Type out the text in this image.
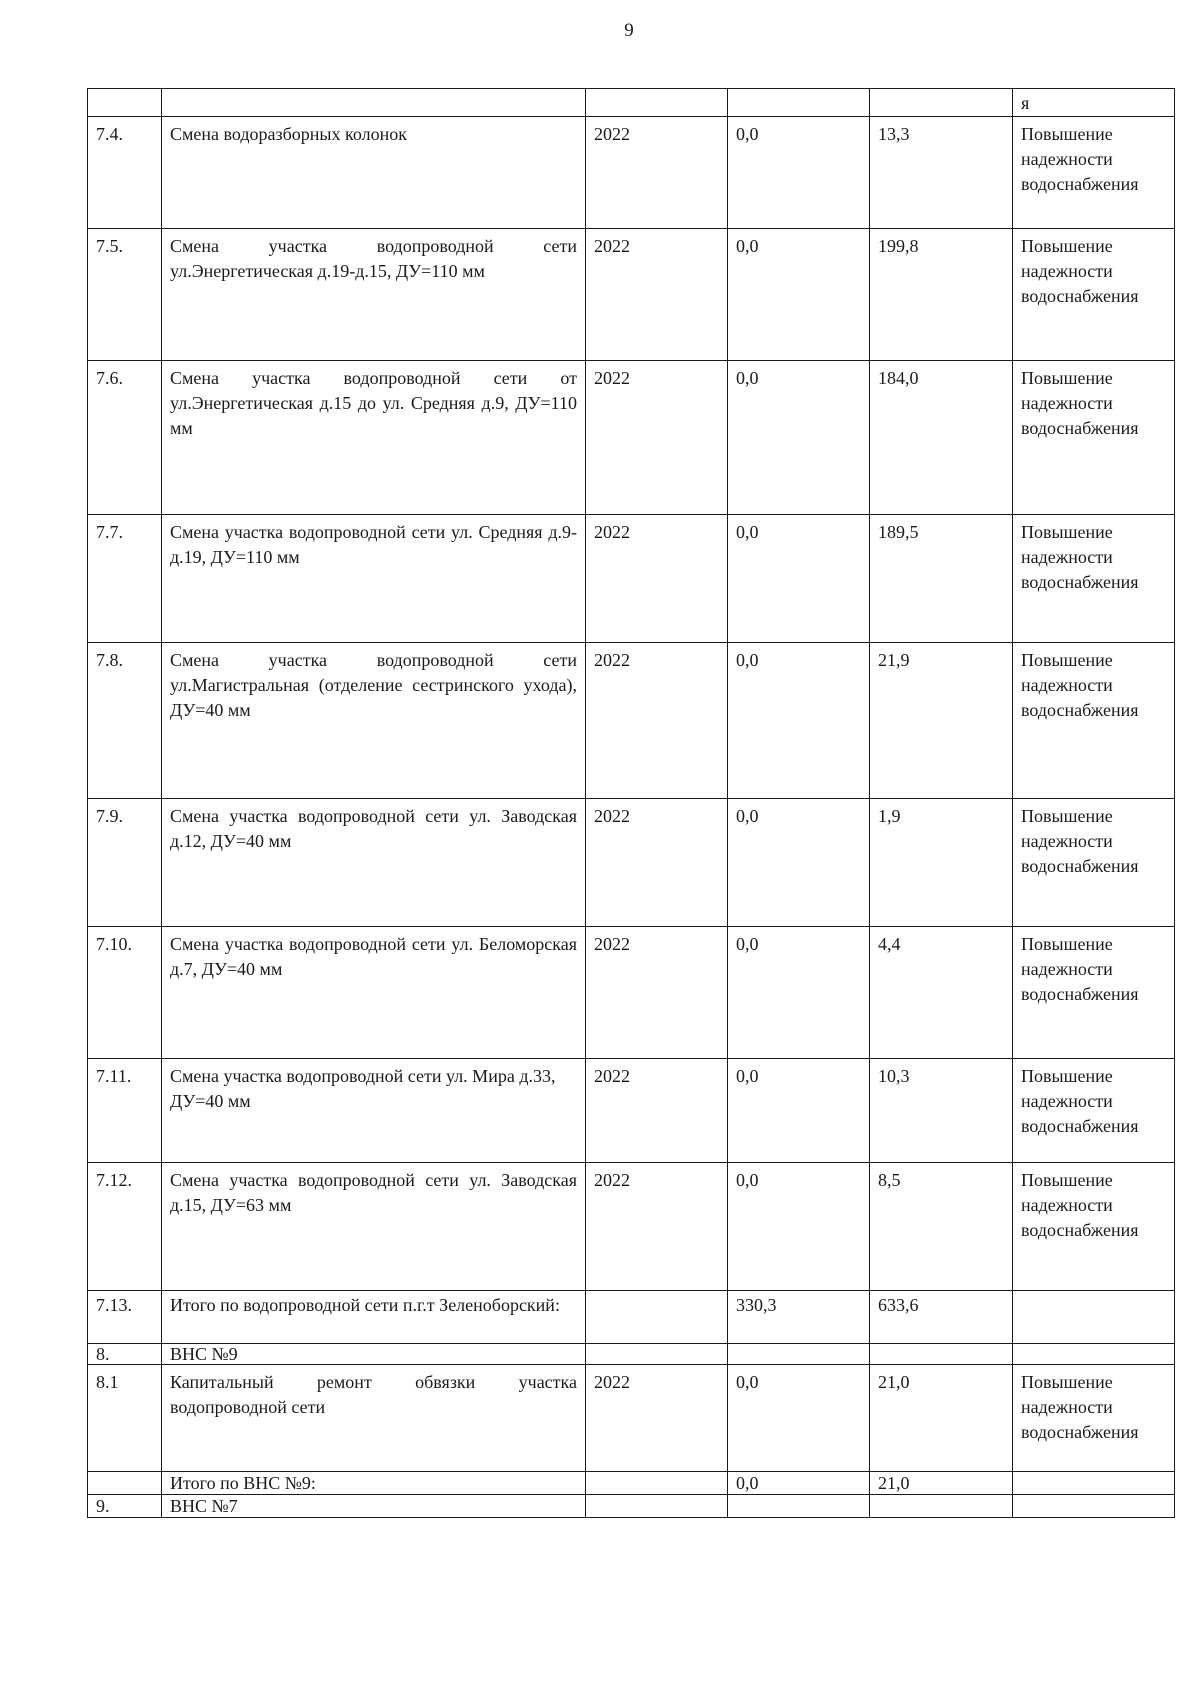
9
					я
7.4.	Смена водоразборных колонок	2022	0,0	13,3	Повышение надежности водоснабжения
7.5.	Смена участка водопроводной сети ул.Энергетическая д.19-д.15, ДУ=110 мм	2022	0,0	199,8	Повышение надежности водоснабжения
7.6.	Смена участка водопроводной сети от ул.Энергетическая д.15 до ул. Средняя д.9, ДУ=110 мм	2022	0,0	184,0	Повышение надежности водоснабжения
7.7.	Смена участка водопроводной сети ул. Средняя д.9-д.19, ДУ=110 мм	2022	0,0	189,5	Повышение надежности водоснабжения
7.8.	Смена участка водопроводной сети ул.Магистральная (отделение сестринского ухода), ДУ=40 мм	2022	0,0	21,9	Повышение надежности водоснабжения
7.9.	Смена участка водопроводной сети ул. Заводская д.12, ДУ=40 мм	2022	0,0	1,9	Повышение надежности водоснабжения
7.10.	Смена участка водопроводной сети ул. Беломорская д.7, ДУ=40 мм	2022	0,0	4,4	Повышение надежности водоснабжения
7.11.	Смена участка водопроводной сети ул. Мира д.33, ДУ=40 мм	2022	0,0	10,3	Повышение надежности водоснабжения
7.12.	Смена участка водопроводной сети ул. Заводская д.15, ДУ=63 мм	2022	0,0	8,5	Повышение надежности водоснабжения
7.13.	Итого по водопроводной сети п.г.т Зеленоборский:		330,3	633,6	
8.	ВНС №9				
8.1	Капитальный ремонт обвязки участка водопроводной сети	2022	0,0	21,0	Повышение надежности водоснабжения
	Итого по ВНС №9:		0,0	21,0	
9.	ВНС №7				
